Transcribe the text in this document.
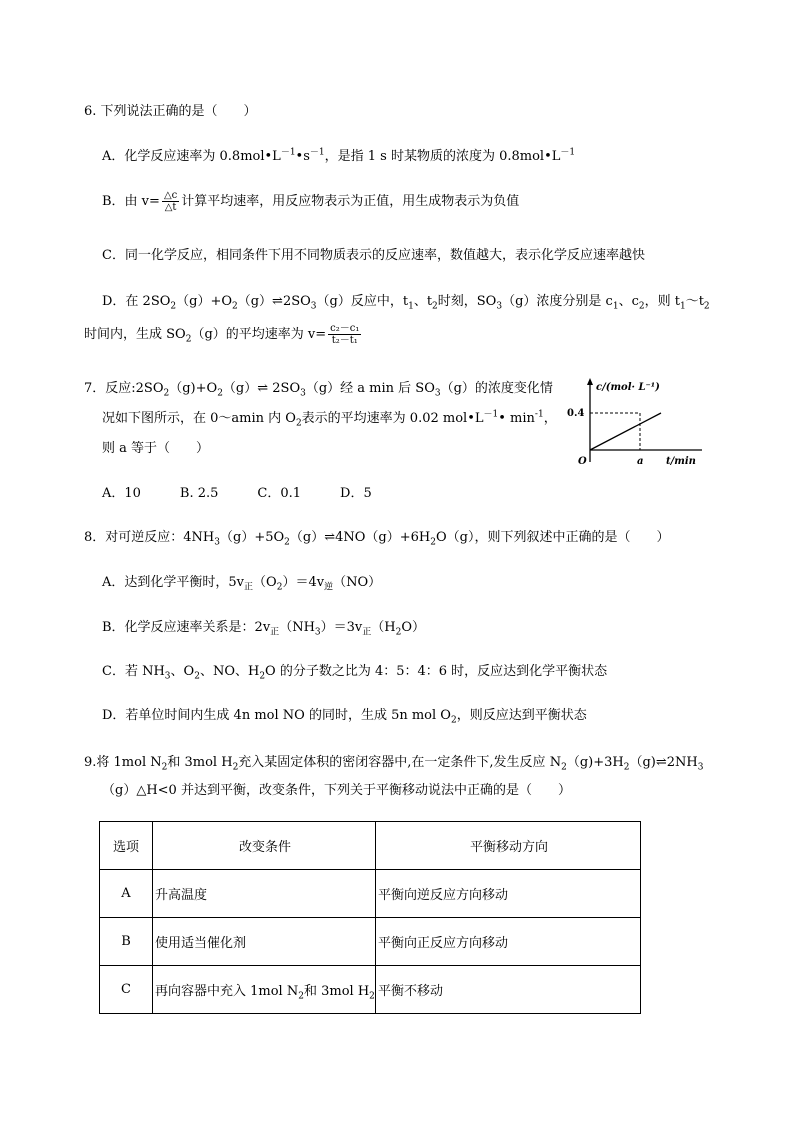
6. 下列说法正确的是（　　）
A．化学反应速率为 $0.8mol•L^{-1}•s^{-1}$，是指 1 s 时某物质的浓度为 $0.8mol•L^{-1}$
B．由 $v= \frac{\triangle c}{\triangle t}$ 计算平均速率，用反应物表示为正值，用生成物表示为负值
C．同一化学反应，相同条件下用不同物质表示的反应速率，数值越大，表示化学反应速率越快
D．在 $2SO_2(g)+O_2(g)\rightleftharpoons 2SO_3(g)$反应中，$t_1$、$t_2$时刻，$SO_3(g)$浓度分别是 $c_1$、$c_2$，则 $t_1\sim t_2$
时间内，生成 $SO_2(g)$的平均速率为 $v= \frac{\text{c₂－c₁}}{\text{t₂－t₁}}$
7．反应$:2SO_2(g)+O_2(g)\rightleftharpoons$ $2SO_3(g)$经 a min 后 $SO_3(g)$的浓度变化情
况如下图所示，在 0～amin 内 $O_2$表示的平均速率为 0.02 $mol•L^{-1}•$ $\min^{-1}$，
则 a 等于（　　）
c/(mol· L⁻¹)
0.4
O	a t/min
A．10　　　B. 2.5　　　C．0.1　　　D．5
8．对可逆反应：$4NH_3(g)+5O_2(g)\rightleftharpoons 4NO(g)+6H_2O(g)$，则下列叙述中正确的是（　　）
A．达到化学平衡时，$5v_正(O_2)=4v_逆(NO)$
B．化学反应速率关系是：$2v_正(NH_3)=3v_正(H_2O)$
C．若 $NH_3$、$O_2$、NO、$H_2O$ 的分子数之比为 4：5：4：6 时，反应达到化学平衡状态
D．若单位时间内生成 4n mol NO 的同时，生成 5n mol $O_2$，则反应达到平衡状态
9.将 1mol $N_2$和 3mol $H_2$充入某固定体积的密闭容器中,在一定条件下,发生反应 $N_2(g)+3H_2(g)\rightleftharpoons 2NH_3$
（g）△H<0 并达到平衡，改变条件，下列关于平衡移动说法中正确的是（　　）
选项	改变条件	平衡移动方向
A	升高温度	平衡向逆反应方向移动
B	使用适当催化剂	平衡向正反应方向移动
C	再向容器中充入 1mol $N_2$和 3mol $H_2$	平衡不移动
